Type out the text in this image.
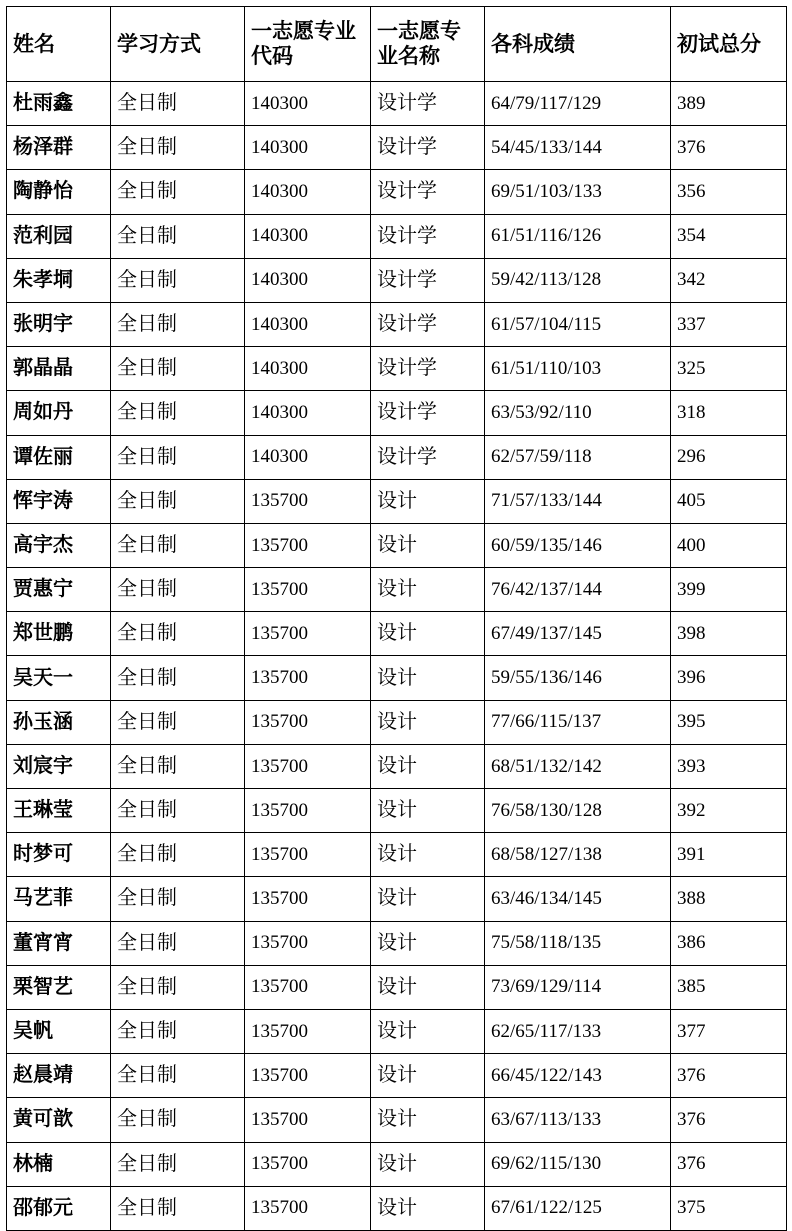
姓名	学习方式	一志愿专业代码	一志愿专业名称	各科成绩	初试总分
杜雨鑫	全日制	140300	设计学	64/79/117/129	389
杨泽群	全日制	140300	设计学	54/45/133/144	376
陶静怡	全日制	140300	设计学	69/51/103/133	356
范利园	全日制	140300	设计学	61/51/116/126	354
朱孝垌	全日制	140300	设计学	59/42/113/128	342
张明宇	全日制	140300	设计学	61/57/104/115	337
郭晶晶	全日制	140300	设计学	61/51/110/103	325
周如丹	全日制	140300	设计学	63/53/92/110	318
谭佐丽	全日制	140300	设计学	62/57/59/118	296
恽宇涛	全日制	135700	设计	71/57/133/144	405
高宇杰	全日制	135700	设计	60/59/135/146	400
贾惠宁	全日制	135700	设计	76/42/137/144	399
郑世鹏	全日制	135700	设计	67/49/137/145	398
吴天一	全日制	135700	设计	59/55/136/146	396
孙玉涵	全日制	135700	设计	77/66/115/137	395
刘宸宇	全日制	135700	设计	68/51/132/142	393
王琳莹	全日制	135700	设计	76/58/130/128	392
时梦可	全日制	135700	设计	68/58/127/138	391
马艺菲	全日制	135700	设计	63/46/134/145	388
董宵宵	全日制	135700	设计	75/58/118/135	386
栗智艺	全日制	135700	设计	73/69/129/114	385
吴帆	全日制	135700	设计	62/65/117/133	377
赵晨靖	全日制	135700	设计	66/45/122/143	376
黄可歆	全日制	135700	设计	63/67/113/133	376
林楠	全日制	135700	设计	69/62/115/130	376
邵郁元	全日制	135700	设计	67/61/122/125	375
